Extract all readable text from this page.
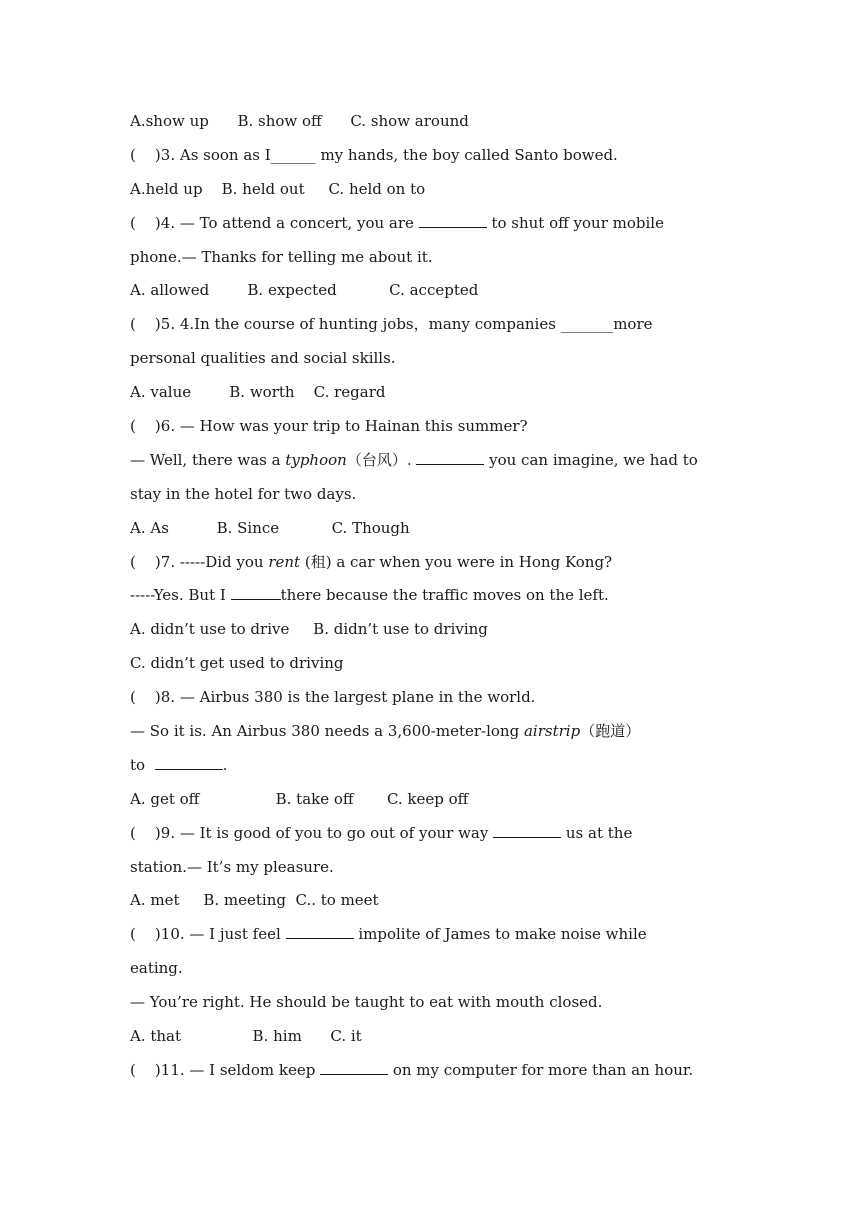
A.show up      B. show off      C. show around
(    )3. As soon as I______ my hands, the boy called Santo bowed.
A.held up    B. held out     C. held on to
(    )4. — To attend a concert, you are	to shut off your mobile
phone.— Thanks for telling me about it.
A. allowed        B. expected           C. accepted
(    )5. 4.In the course of hunting jobs，many companies _______more
personal qualities and social skills.
A. value        B. worth    C. regard
(    )6. — How was your trip to Hainan this summer?
— Well, there was a typhoon（台风）.	you can imagine, we had to
stay in the hotel for two days.
A. As          B. Since           C. Though
(    )7. -----Did you rent (租) a car when you were in Hong Kong?
-----Yes. But I	there because the traffic moves on the left.
A. didn’t use to drive     B. didn’t use to driving
C. didn’t get used to driving
(    )8. — Airbus 380 is the largest plane in the world.
— So it is. An Airbus 380 needs a 3,600-meter-long airstrip（跑道）
to	.
A. get off                B. take off       C. keep off
(    )9. — It is good of you to go out of your way	us at the
station.— It’s my pleasure.
A. met     B. meeting  C.. to meet
(    )10. — I just feel	impolite of James to make noise while
eating.
— You’re right. He should be taught to eat with mouth closed.
A. that               B. him      C. it
(    )11. — I seldom keep	on my computer for more than an hour.
